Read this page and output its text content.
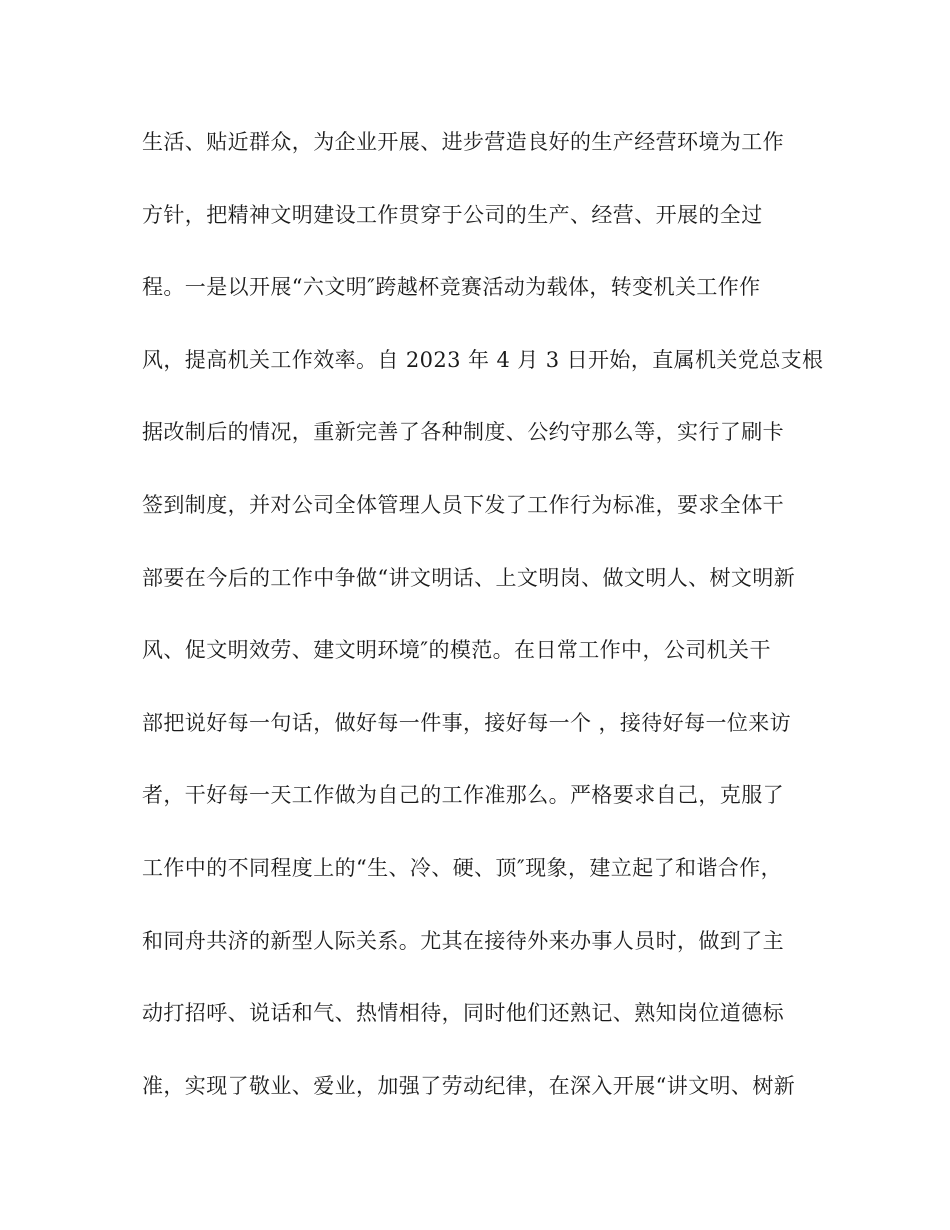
生活、贴近群众，为企业开展、进步营造良好的生产经营环境为工作
方针，把精神文明建设工作贯穿于公司的生产、经营、开展的全过
程。一是以开展“六文明″跨越杯竞赛活动为载体，转变机关工作作
风，提高机关工作效率。自 2023 年 4 月 3 日开始，直属机关党总支根
据改制后的情况，重新完善了各种制度、公约守那么等，实行了刷卡
签到制度，并对公司全体管理人员下发了工作行为标准，要求全体干
部要在今后的工作中争做“讲文明话、上文明岗、做文明人、树文明新
风、促文明效劳、建文明环境″的模范。在日常工作中，公司机关干
部把说好每一句话，做好每一件事，接好每一个 ，接待好每一位来访
者，干好每一天工作做为自己的工作准那么。严格要求自己，克服了
工作中的不同程度上的“生、冷、硬、顶″现象，建立起了和谐合作，
和同舟共济的新型人际关系。尤其在接待外来办事人员时，做到了主
动打招呼、说话和气、热情相待，同时他们还熟记、熟知岗位道德标
准，实现了敬业、爱业，加强了劳动纪律，在深入开展“讲文明、树新
